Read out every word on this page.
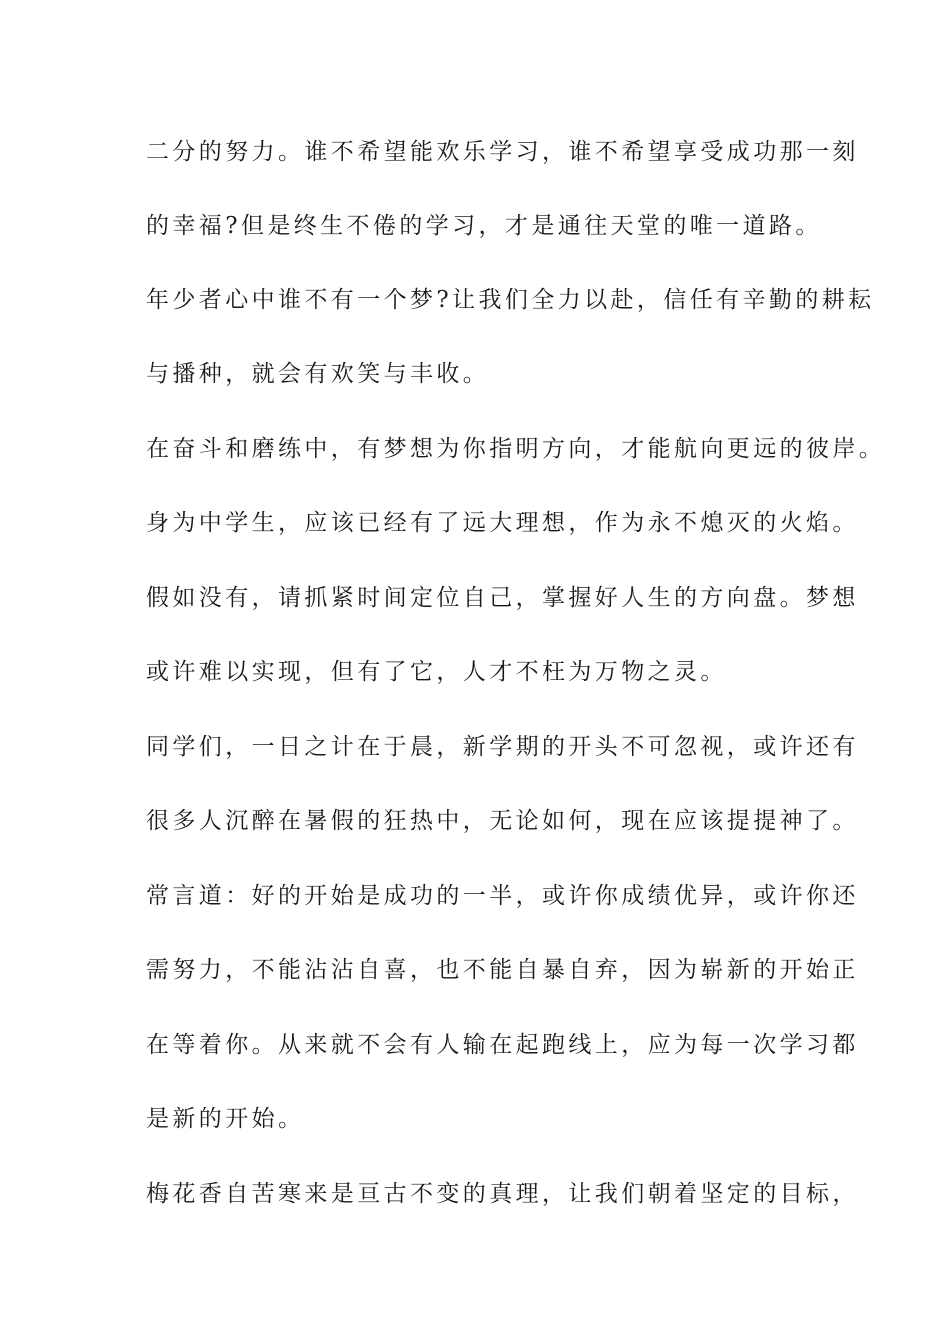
二分的努力。谁不希望能欢乐学习，谁不希望享受成功那一刻
的幸福?但是终生不倦的学习，才是通往天堂的唯一道路。
年少者心中谁不有一个梦?让我们全力以赴，信任有辛勤的耕耘
与播种，就会有欢笑与丰收。
在奋斗和磨练中，有梦想为你指明方向，才能航向更远的彼岸。
身为中学生，应该已经有了远大理想，作为永不熄灭的火焰。
假如没有，请抓紧时间定位自己，掌握好人生的方向盘。梦想
或许难以实现，但有了它，人才不枉为万物之灵。
同学们，一日之计在于晨，新学期的开头不可忽视，或许还有
很多人沉醉在暑假的狂热中，无论如何，现在应该提提神了。
常言道：好的开始是成功的一半，或许你成绩优异，或许你还
需努力，不能沾沾自喜，也不能自暴自弃，因为崭新的开始正
在等着你。从来就不会有人输在起跑线上，应为每一次学习都
是新的开始。
梅花香自苦寒来是亘古不变的真理，让我们朝着坚定的目标，
